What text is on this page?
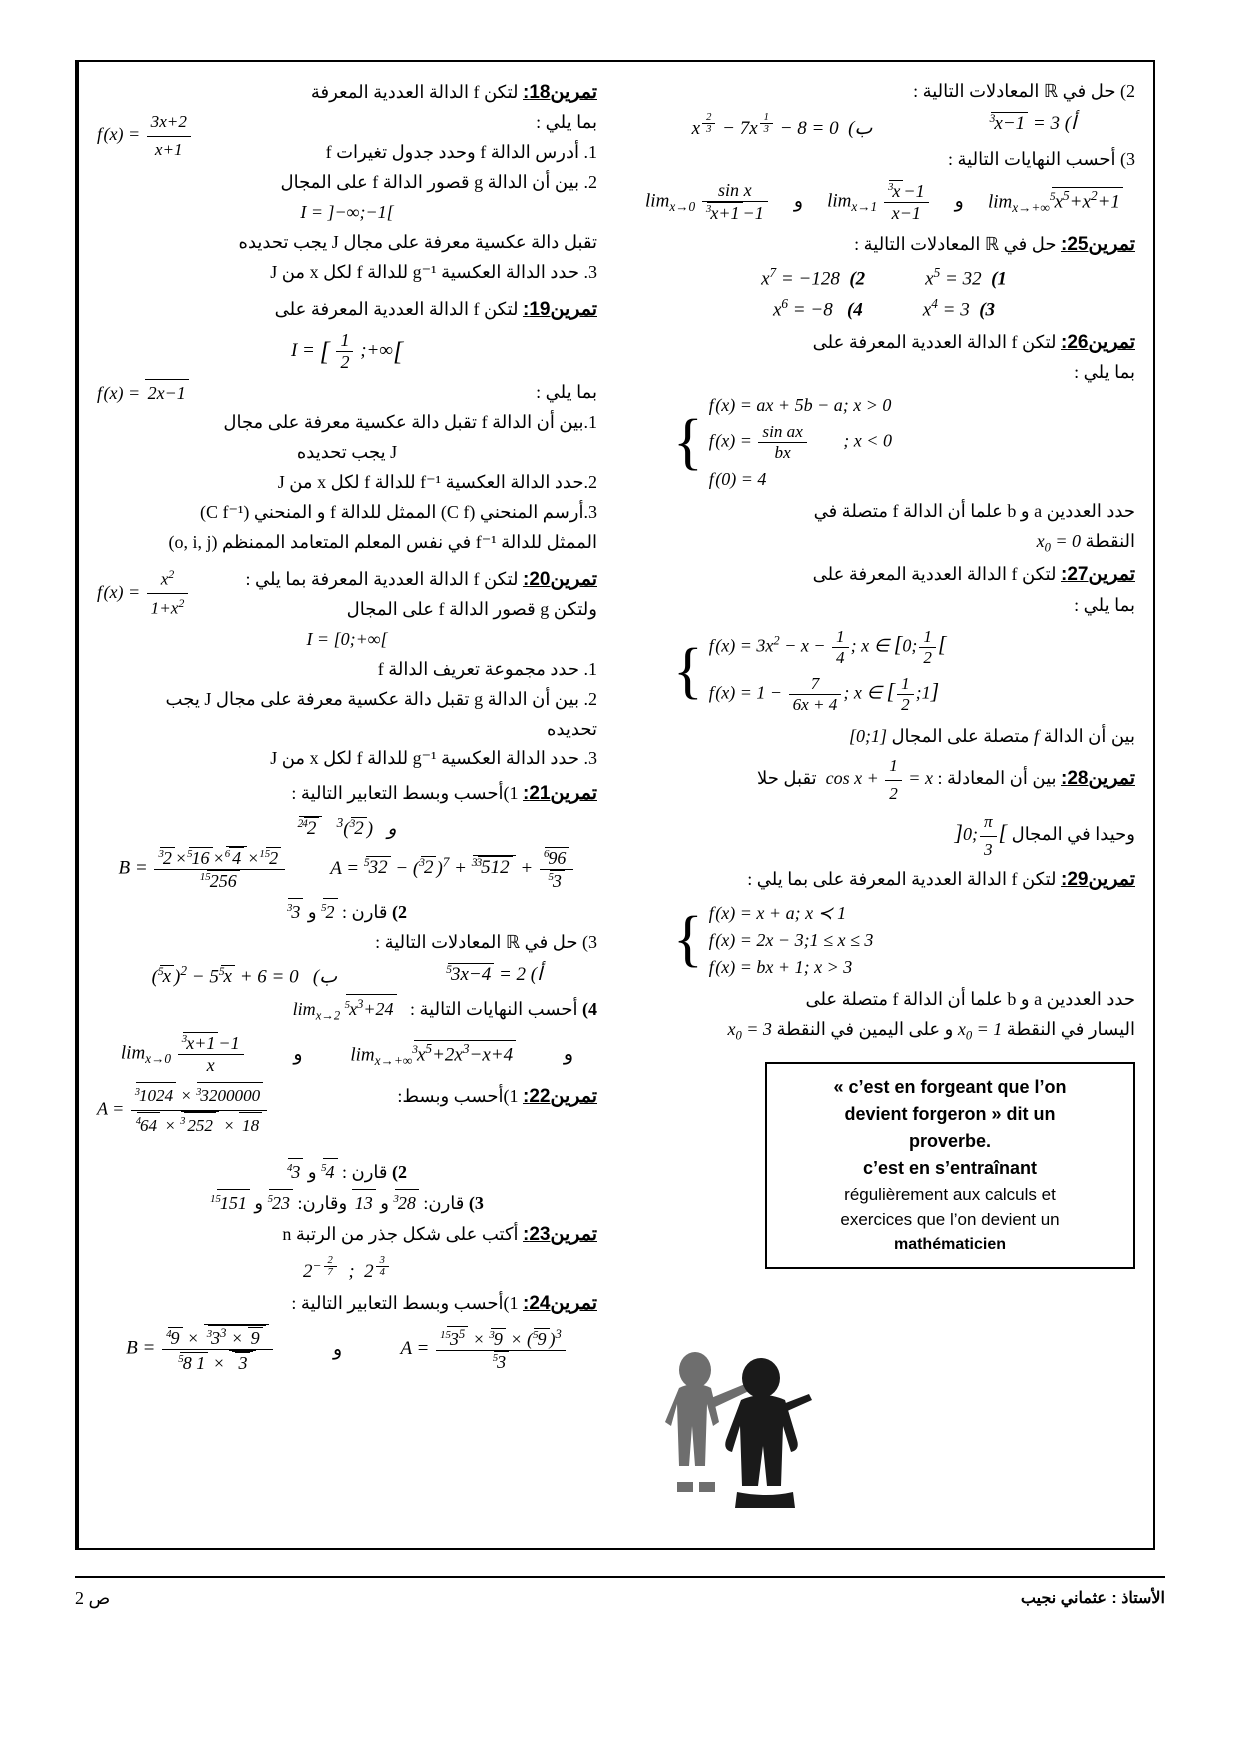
تمرين18: لتكن f الدالة العددية المعرفة
بما يلي :
f $(x) = \frac{3x+2}{x+1}$	1. أدرس الدالة f وحدد جدول تغيرات f
2. بين أن الدالة g قصور الدالة f على المجال
I = ]−∞;−1[
تقبل دالة عكسية معرفة على مجال J يجب تحديده
3. حدد الدالة العكسية g⁻¹ للدالة f لكل x من J
تمرين19: لتكن f الدالة العددية المعرفة على
I = [ $\frac{1}{2}$ ;+∞[
بما يلي :
f (x) = 2x−1
1.بين أن الدالة f تقبل دالة عكسية معرفة على مجال
J يجب تحديده
2.حدد الدالة العكسية f⁻¹ للدالة f لكل x من J
3.أرسم المنحني (C f) الممثل للدالة f و المنحني (C f⁻¹)
الممثل للدالة f⁻¹ في نفس المعلم المتعامد الممنظم (o, i, j)
تمرين20: لتكن f الدالة العددية المعرفة بما يلي :
f $(x) = \frac{x^2}{1+x^2}$	ولتكن g قصور الدالة f على المجال
I = [0;+∞[
1. حدد مجموعة تعريف الدالة f
2. بين أن الدالة g تقبل دالة عكسية معرفة على مجال J يجب
تحديده
3. حدد الدالة العكسية g⁻¹ للدالة f لكل x من J
تمرين21: 1)أحسب وبسط التعابير التالية :
$^{24}$2   و   $(^32)^3$
$B = \frac{^32 \times^516 \times^6 4 \times^{15}2}{^{15}256}$ A = $^5$32 − ($^3$2 )$^7 + ^{33}512 + \frac{^696}{^53}$
2) قارن : $^5$2 و $^3$3
3) حل في ℝ المعادلات التالية :
($^5$x )$^2 - 5^5x + 6 = 0$   (ب	$^5$3x−4 = 2 (أ
4) أحسب النهايات التالية :   $\lim_{x\to 2} ^5x^3+24$
$\lim_{x\to 0} \frac{^3x+1 -1}{x}$	و	$\lim_{x\to+\infty}^3x^5+2x^3-x+4$	و
تمرين22: 1)أحسب وبسط:
$A = \frac{^31024 \times ^33200000}{^464 \times ^3 252 \times 18}$
2) قارن : $^5$4 و $^4$3
3) قارن: $^3$28 و 13 وقارن: $^5$23 و $^{15}$151
تمرين23: أكتب على شكل جذر من الرتبة n
$2^{- \frac{2}{7}}$ ;  2 $^{\frac{3}{4}}$
تمرين24: 1)أحسب وبسط التعابير التالية :
$B = \frac{^49 \times ^33^3 \times 9}{^58 1 \times 3}$	و	$A = \frac{^{15}3^5 \times ^39 \times (^59 )^3}{^53}$
2) حل في ℝ المعادلات التالية :
x $^{\frac{2}{3}}$ − 7x $^{\frac{1}{3}}$ − 8 = 0  (ب	$^3$x−1 = 3 (أ
3) أحسب النهايات التالية :
$\lim_{x\to 0} \frac{\text{sin x}}{^3x+1 -1}$ و $\lim_{x\to 1} \frac{^3x -1}{x-1}$ و $\lim_{x\to+\infty}^5x^5+x^2+1$
تمرين25: حل في ℝ المعادلات التالية :
$x^7 = -128$  (2	$x^5 = 32$  (1
$x^6 = -8$   (4	$x^4 = 3$  (3
تمرين26: لتكن f الدالة العددية المعرفة على
بما يلي :
{
f (x) = ax + 5b − a; x > 0
f $(x) = \frac{\text{sin ax}}{bx}$ ; x < 0
f (0) = 4
حدد العددين a و b علما أن الدالة f متصلة في
النقطة $x_0 = 0$
تمرين27: لتكن f الدالة العددية المعرفة على
بما يلي :
{ f $(x) = 3x^2 - x - \frac{1}{4}$ ; x ∈ [0; $\frac{1}{2}$ [
f $(x) = 1 - \frac{7}{6x + 4}$ ; x ∈ [ $\frac{1}{2}$ ;1]
بين أن الدالة f متصلة على المجال [0;1]
تمرين28: بين أن المعادلة : $\cos x + \frac{1}{2} = x$  تقبل حلا
وحيدا في المجال ]0; $\frac{\pi}{3}$ [
تمرين29: لتكن f الدالة العددية المعرفة على بما يلي :
{ f (x) = x + a; x ≺ 1
f (x) = 2x − 3;1 ≤ x ≤ 3
f (x) = bx + 1; x > 3
حدد العددين a و b علما أن الدالة f متصلة على
اليسار في النقطة $x_0 = 1$ و على اليمين في النقطة $x_0 = 3$
« c’est en forgeant que l’on
devient forgeron » dit un
proverbe.
c’est en s’entraînant
régulièrement aux calculs et
exercices que l’on devient un
mathématicien
ص 2	الأستاذ : عثماني نجيب
